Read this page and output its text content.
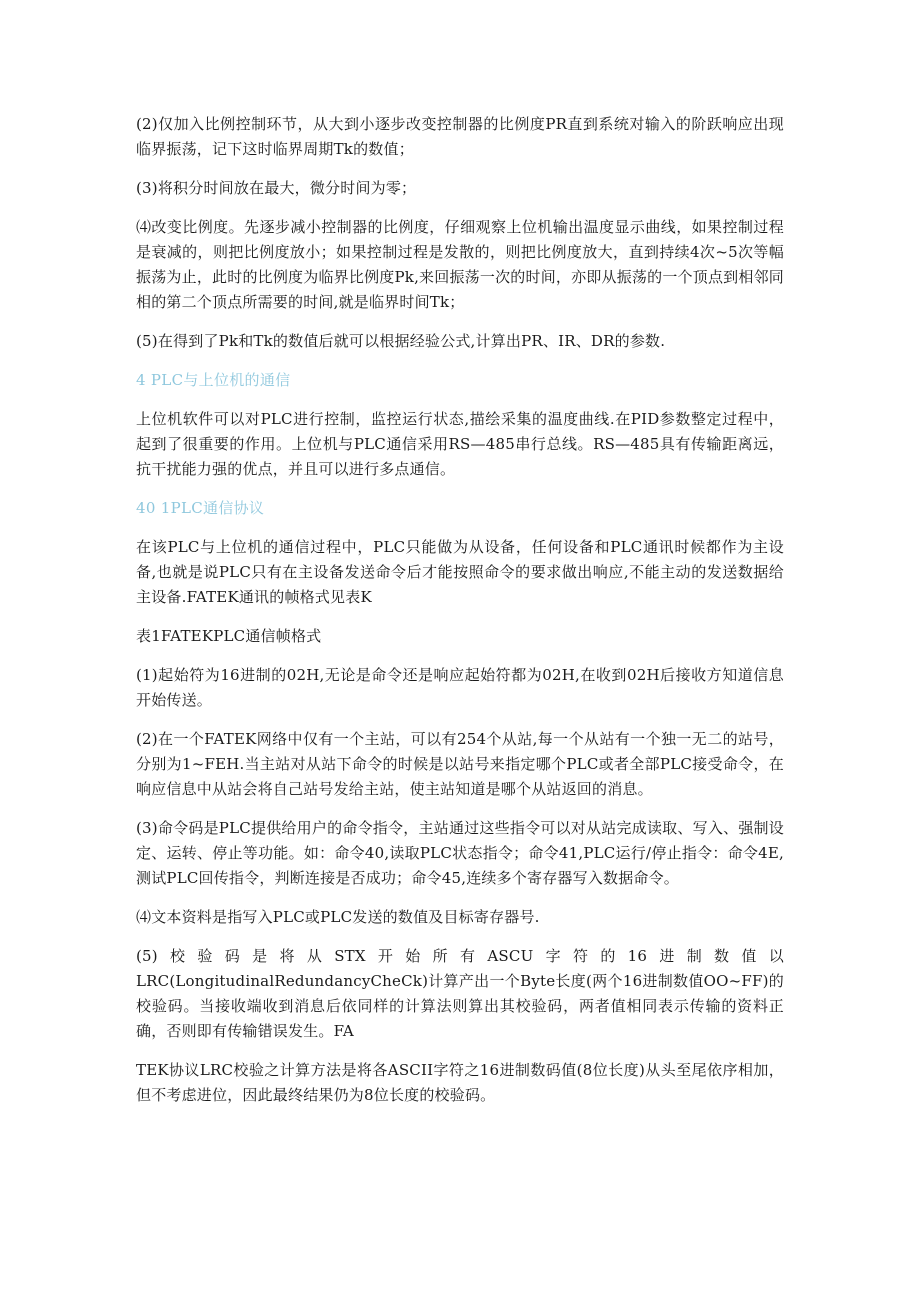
(2)仅加入比例控制环节，从大到小逐步改变控制器的比例度PR直到系统对输入的阶跃响应出现临界振荡，记下这时临界周期Tk的数值；

(3)将积分时间放在最大，微分时间为零；

⑷改变比例度。先逐步减小控制器的比例度，仔细观察上位机输出温度显示曲线，如果控制过程是衰减的，则把比例度放小；如果控制过程是发散的，则把比例度放大，直到持续4次~5次等幅振荡为止，此时的比例度为临界比例度Pk,来回振荡一次的时间，亦即从振荡的一个顶点到相邻同相的第二个顶点所需要的时间,就是临界时间Tk；

(5)在得到了Pk和Tk的数值后就可以根据经验公式,计算出PR、IR、DR的参数.

4 PLC与上位机的通信

上位机软件可以对PLC进行控制，监控运行状态,描绘采集的温度曲线.在PID参数整定过程中，起到了很重要的作用。上位机与PLC通信采用RS—485串行总线。RS—485具有传输距离远，抗干扰能力强的优点，并且可以进行多点通信。

40 1PLC通信协议

在该PLC与上位机的通信过程中，PLC只能做为从设备，任何设备和PLC通讯时候都作为主设备,也就是说PLC只有在主设备发送命令后才能按照命令的要求做出响应,不能主动的发送数据给主设备.FATEK通讯的帧格式见表K

表1FATEKPLC通信帧格式

(1)起始符为16进制的02H,无论是命令还是响应起始符都为02H,在收到02H后接收方知道信息开始传送。

(2)在一个FATEK网络中仅有一个主站，可以有254个从站,每一个从站有一个独一无二的站号，分别为1~FEH.当主站对从站下命令的时候是以站号来指定哪个PLC或者全部PLC接受命令，在响应信息中从站会将自己站号发给主站，使主站知道是哪个从站返回的消息。

(3)命令码是PLC提供给用户的命令指令，主站通过这些指令可以对从站完成读取、写入、强制设定、运转、停止等功能。如：命令40,读取PLC状态指令；命令41,PLC运行/停止指令：命令4E,测试PLC回传指令，判断连接是否成功；命令45,连续多个寄存器写入数据命令。

⑷文本资料是指写入PLC或PLC发送的数值及目标寄存器号.

(5)校验码是将从STX开始所有ASCU字符的16进制数值以LRC(LongitudinalRedundancyCheCk)计算产出一个Byte长度(两个16进制数值OO~FF)的校验码。当接收端收到消息后依同样的计算法则算出其校验码，两者值相同表示传输的资料正确，否则即有传输错误发生。FA

TEK协议LRC校验之计算方法是将各ASCII字符之16进制数码值(8位长度)从头至尾依序相加，但不考虑进位，因此最终结果仍为8位长度的校验码。
